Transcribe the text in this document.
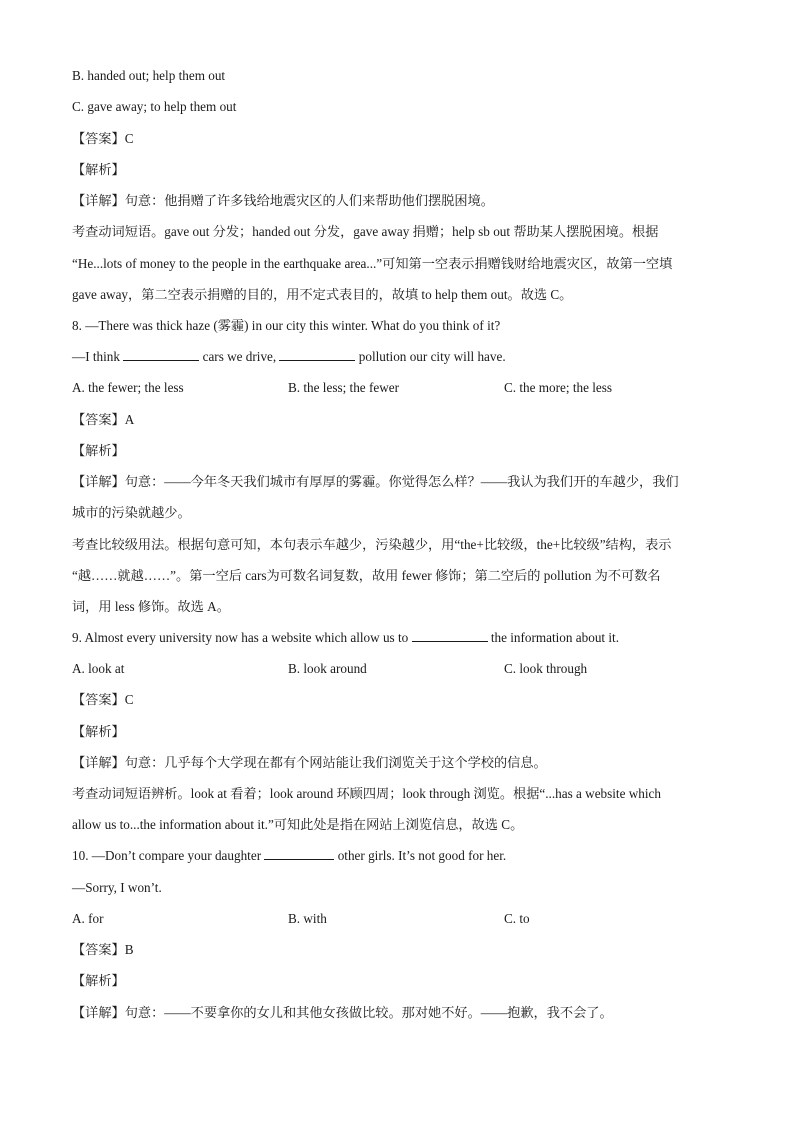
B. handed out; help them out
C. gave away; to help them out
【答案】C
【解析】
【详解】句意：他捐赠了许多钱给地震灾区的人们来帮助他们摆脱困境。
考查动词短语。gave out 分发；handed out 分发，gave away 捐赠；help sb out 帮助某人摆脱困境。根据
“He...lots of money to the people in the earthquake area...”可知第一空表示捐赠钱财给地震灾区，故第一空填
gave away，第二空表示捐赠的目的，用不定式表目的，故填 to help them out。故选 C。
8. —There was thick haze (雾霾) in our city this winter. What do you think of it?
—I think	cars we drive,	pollution our city will have.
A. the fewer; the less	B. the less; the fewer	C. the more; the less
【答案】A
【解析】
【详解】句意：——今年冬天我们城市有厚厚的雾霾。你觉得怎么样？——我认为我们开的车越少，我们
城市的污染就越少。
考查比较级用法。根据句意可知，本句表示车越少，污染越少，用“the+比较级，the+比较级”结构，表示
“越……就越……”。第一空后 cars为可数名词复数，故用 fewer 修饰；第二空后的 pollution 为不可数名
词，用 less 修饰。故选 A。
9. Almost every university now has a website which allow us to	the information about it.
A. look at	B. look around	C. look through
【答案】C
【解析】
【详解】句意：几乎每个大学现在都有个网站能让我们浏览关于这个学校的信息。
考查动词短语辨析。look at 看着；look around 环顾四周；look through 浏览。根据“...has a website which
allow us to...the information about it.”可知此处是指在网站上浏览信息，故选 C。
10. —Don’t compare your daughter	other girls. It’s not good for her.
—Sorry, I won’t.
A. for	B. with	C. to
【答案】B
【解析】
【详解】句意：——不要拿你的女儿和其他女孩做比较。那对她不好。——抱歉，我不会了。
